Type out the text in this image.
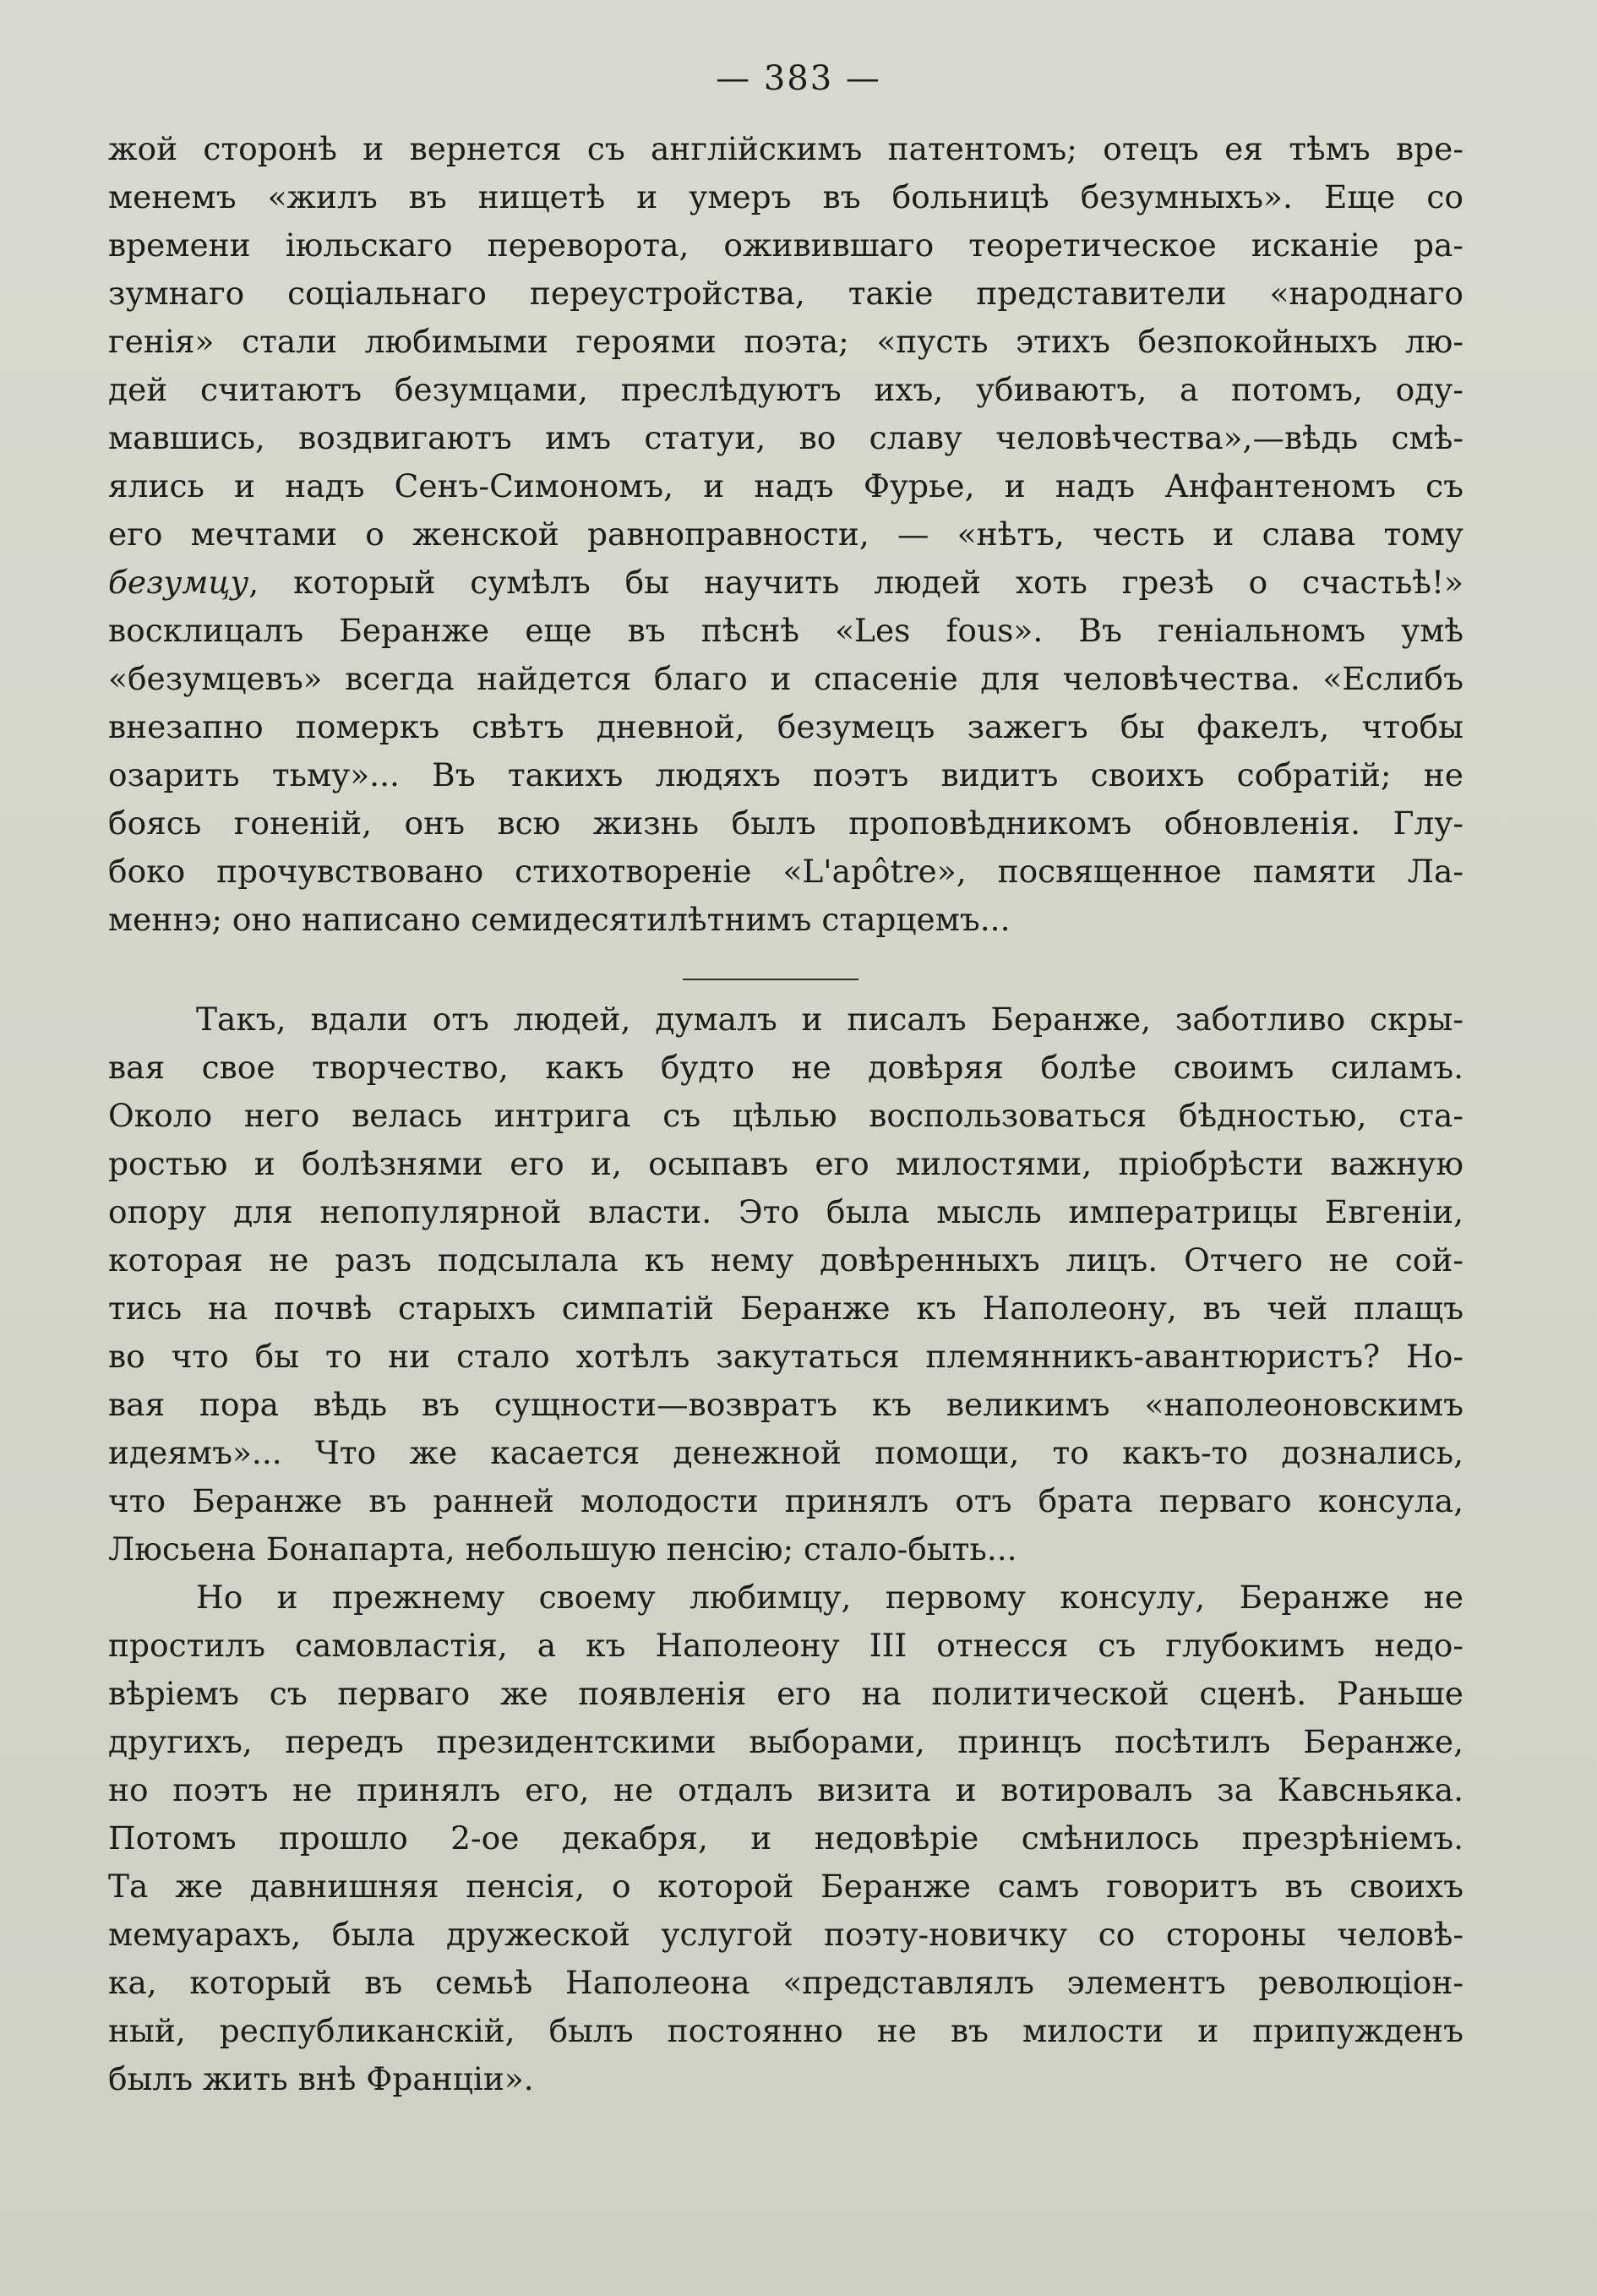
— 383 —
жой сторонѣ и вернется съ англійскимъ патентомъ; отецъ ея тѣмъ вре-
менемъ «жилъ въ нищетѣ и умеръ въ больницѣ безумныхъ». Еще со
времени іюльскаго переворота, оживившаго теоретическое исканіе ра-
зумнаго соціальнаго переустройства, такіе представители «народнаго
генія» стали любимыми героями поэта; «пусть этихъ безпокойныхъ лю-
дей считаютъ безумцами, преслѣдуютъ ихъ, убиваютъ, а потомъ, оду-
мавшись, воздвигаютъ имъ статуи, во славу человѣчества»,—вѣдь смѣ-
ялись и надъ Сенъ-Симономъ, и надъ Фурье, и надъ Анфантеномъ съ
его мечтами о женской равноправности, — «нѣтъ, честь и слава тому
безумцу, который сумѣлъ бы научить людей хоть грезѣ о счастьѣ!»
восклицалъ Беранже еще въ пѣснѣ «Les fous». Въ геніальномъ умѣ
«безумцевъ» всегда найдется благо и спасеніе для человѣчества. «Еслибъ
внезапно померкъ свѣтъ дневной, безумецъ зажегъ бы факелъ, чтобы
озарить тьму»... Въ такихъ людяхъ поэтъ видитъ своихъ собратій; не
боясь гоненій, онъ всю жизнь былъ проповѣдникомъ обновленія. Глу-
боко прочувствовано стихотвореніе «L'apôtre», посвященное памяти Ла-
меннэ; оно написано семидесятилѣтнимъ старцемъ...
Такъ, вдали отъ людей, думалъ и писалъ Беранже, заботливо скры-
вая свое творчество, какъ будто не довѣряя болѣе своимъ силамъ.
Около него велась интрига съ цѣлью воспользоваться бѣдностью, ста-
ростью и болѣзнями его и, осыпавъ его милостями, пріобрѣсти важную
опору для непопулярной власти. Это была мысль императрицы Евгеніи,
которая не разъ подсылала къ нему довѣренныхъ лицъ. Отчего не сой-
тись на почвѣ старыхъ симпатій Беранже къ Наполеону, въ чей плащъ
во что бы то ни стало хотѣлъ закутаться племянникъ-авантюристъ? Но-
вая пора вѣдь въ сущности—возвратъ къ великимъ «наполеоновскимъ
идеямъ»... Что же касается денежной помощи, то какъ-то дознались,
что Беранже въ ранней молодости принялъ отъ брата перваго консула,
Люсьена Бонапарта, небольшую пенсію; стало-быть...
Но и прежнему своему любимцу, первому консулу, Беранже не
простилъ самовластія, а къ Наполеону III отнесся съ глубокимъ недо-
вѣріемъ съ перваго же появленія его на политической сценѣ. Раньше
другихъ, передъ президентскими выборами, принцъ посѣтилъ Беранже,
но поэтъ не принялъ его, не отдалъ визита и вотировалъ за Кавсньяка.
Потомъ прошло 2-ое декабря, и недовѣріе смѣнилось презрѣніемъ.
Та же давнишняя пенсія, о которой Беранже самъ говоритъ въ своихъ
мемуарахъ, была дружеской услугой поэту-новичку со стороны человѣ-
ка, который въ семьѣ Наполеона «представлялъ элементъ революціон-
ный, республиканскій, былъ постоянно не въ милости и припужденъ
былъ жить внѣ Франціи».
